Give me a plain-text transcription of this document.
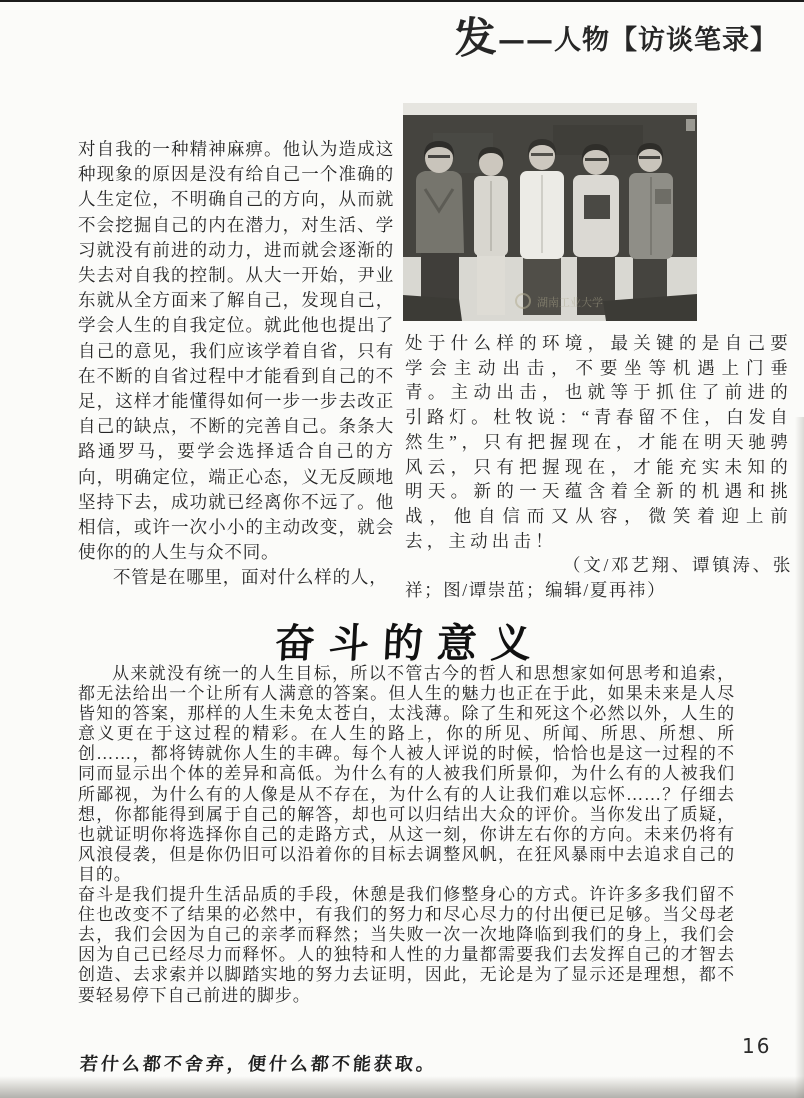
发 ——人物【访谈笔录】
湖南工业大学

对自我的一种精神麻痹。他认为造成这种现象的原因是没有给自己一个准确的人生定位，不明确自己的方向，从而就不会挖掘自己的内在潜力，对生活、学习就没有前进的动力，进而就会逐渐的失去对自我的控制。从大一开始，尹业东就从全方面来了解自己，发现自己，学会人生的自我定位。就此他也提出了自己的意见，我们应该学着自省，只有在不断的自省过程中才能看到自己的不足，这样才能懂得如何一步一步去改正自己的缺点，不断的完善自己。条条大路通罗马，要学会选择适合自己的方向，明确定位，端正心态，义无反顾地坚持下去，成功就已经离你不远了。他相信，或许一次小小的主动改变，就会使你的的人生与众不同。

不管是在哪里，面对什么样的人，

处于什么样的环境，最关键的是自己要学会主动出击，不要坐等机遇上门垂青。主动出击，也就等于抓住了前进的引路灯。杜牧说：“青春留不住，白发自然生”，只有把握现在，才能在明天驰骋风云，只有把握现在，才能充实未知的明天。新的一天蕴含着全新的机遇和挑战，他自信而又从容，微笑着迎上前去，主动出击！

（文/邓艺翔、谭镇涛、张祥；图/谭崇茁；编辑/夏再祎）

奋斗的意义

从来就没有统一的人生目标，所以不管古今的哲人和思想家如何思考和追索，都无法给出一个让所有人满意的答案。但人生的魅力也正在于此，如果未来是人尽皆知的答案，那样的人生未免太苍白，太浅薄。除了生和死这个必然以外，人生的意义更在于这过程的精彩。在人生的路上，你的所见、所闻、所思、所想、所创……，都将铸就你人生的丰碑。每个人被人评说的时候，恰恰也是这一过程的不同而显示出个体的差异和高低。为什么有的人被我们所景仰，为什么有的人被我们所鄙视，为什么有的人像是从不存在，为什么有的人让我们难以忘怀……？仔细去想，你都能得到属于自己的解答，却也可以归结出大众的评价。当你发出了质疑，也就证明你将选择你自己的走路方式，从这一刻，你讲左右你的方向。未来仍将有风浪侵袭，但是你仍旧可以沿着你的目标去调整风帆，在狂风暴雨中去追求自己的目的。

奋斗是我们提升生活品质的手段，休憩是我们修整身心的方式。许许多多我们留不住也改变不了结果的必然中，有我们的努力和尽心尽力的付出便已足够。当父母老去，我们会因为自己的亲孝而释然；当失败一次一次地降临到我们的身上，我们会因为自己已经尽力而释怀。人的独特和人性的力量都需要我们去发挥自己的才智去创造、去求索并以脚踏实地的努力去证明，因此，无论是为了显示还是理想，都不要轻易停下自己前进的脚步。

若什么都不舍弃，便什么都不能获取。
16
